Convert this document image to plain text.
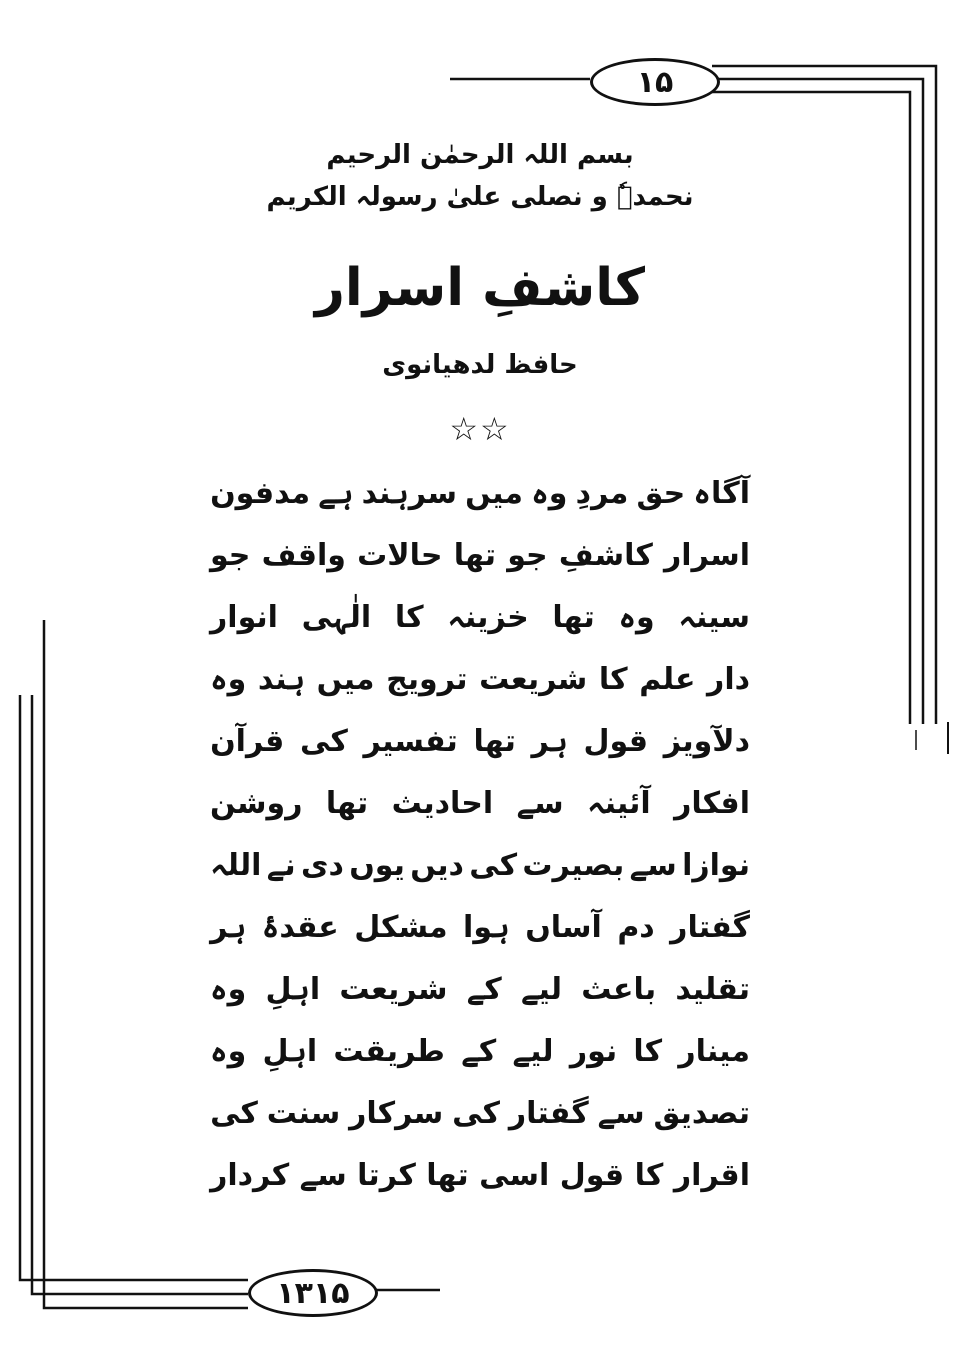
۱۵
بسم اللہ الرحمٰن الرحیم
نحمدہٗ و نصلی علیٰ رسولہ الکریم
کاشفِ اسرار
حافظ لدھیانوی
☆☆
مدفون ہے سرہند میں وہ مردِ حق آگاہ
جو واقف حالات تھا جو کاشفِ اسرار
انوار الٰہی کا خزینہ تھا وہ سینہ
وہ ہند میں ترویج شریعت کا علم دار
قرآن کی تفسیر تھا ہر قول دلآویز
روشن تھا احادیث سے آئینہ افکار
اللہ نے دی یوں دیں کی بصیرت سے نوازا
ہر عقدۂ مشکل ہوا آساں دم گفتار
وہ اہلِ شریعت کے لیے باعث تقلید
وہ اہلِ طریقت کے لیے نور کا مینار
کی سنت سرکار کی گفتار سے تصدیق
کردار سے کرتا تھا اسی قول کا اقرار
۱۳۱۵
